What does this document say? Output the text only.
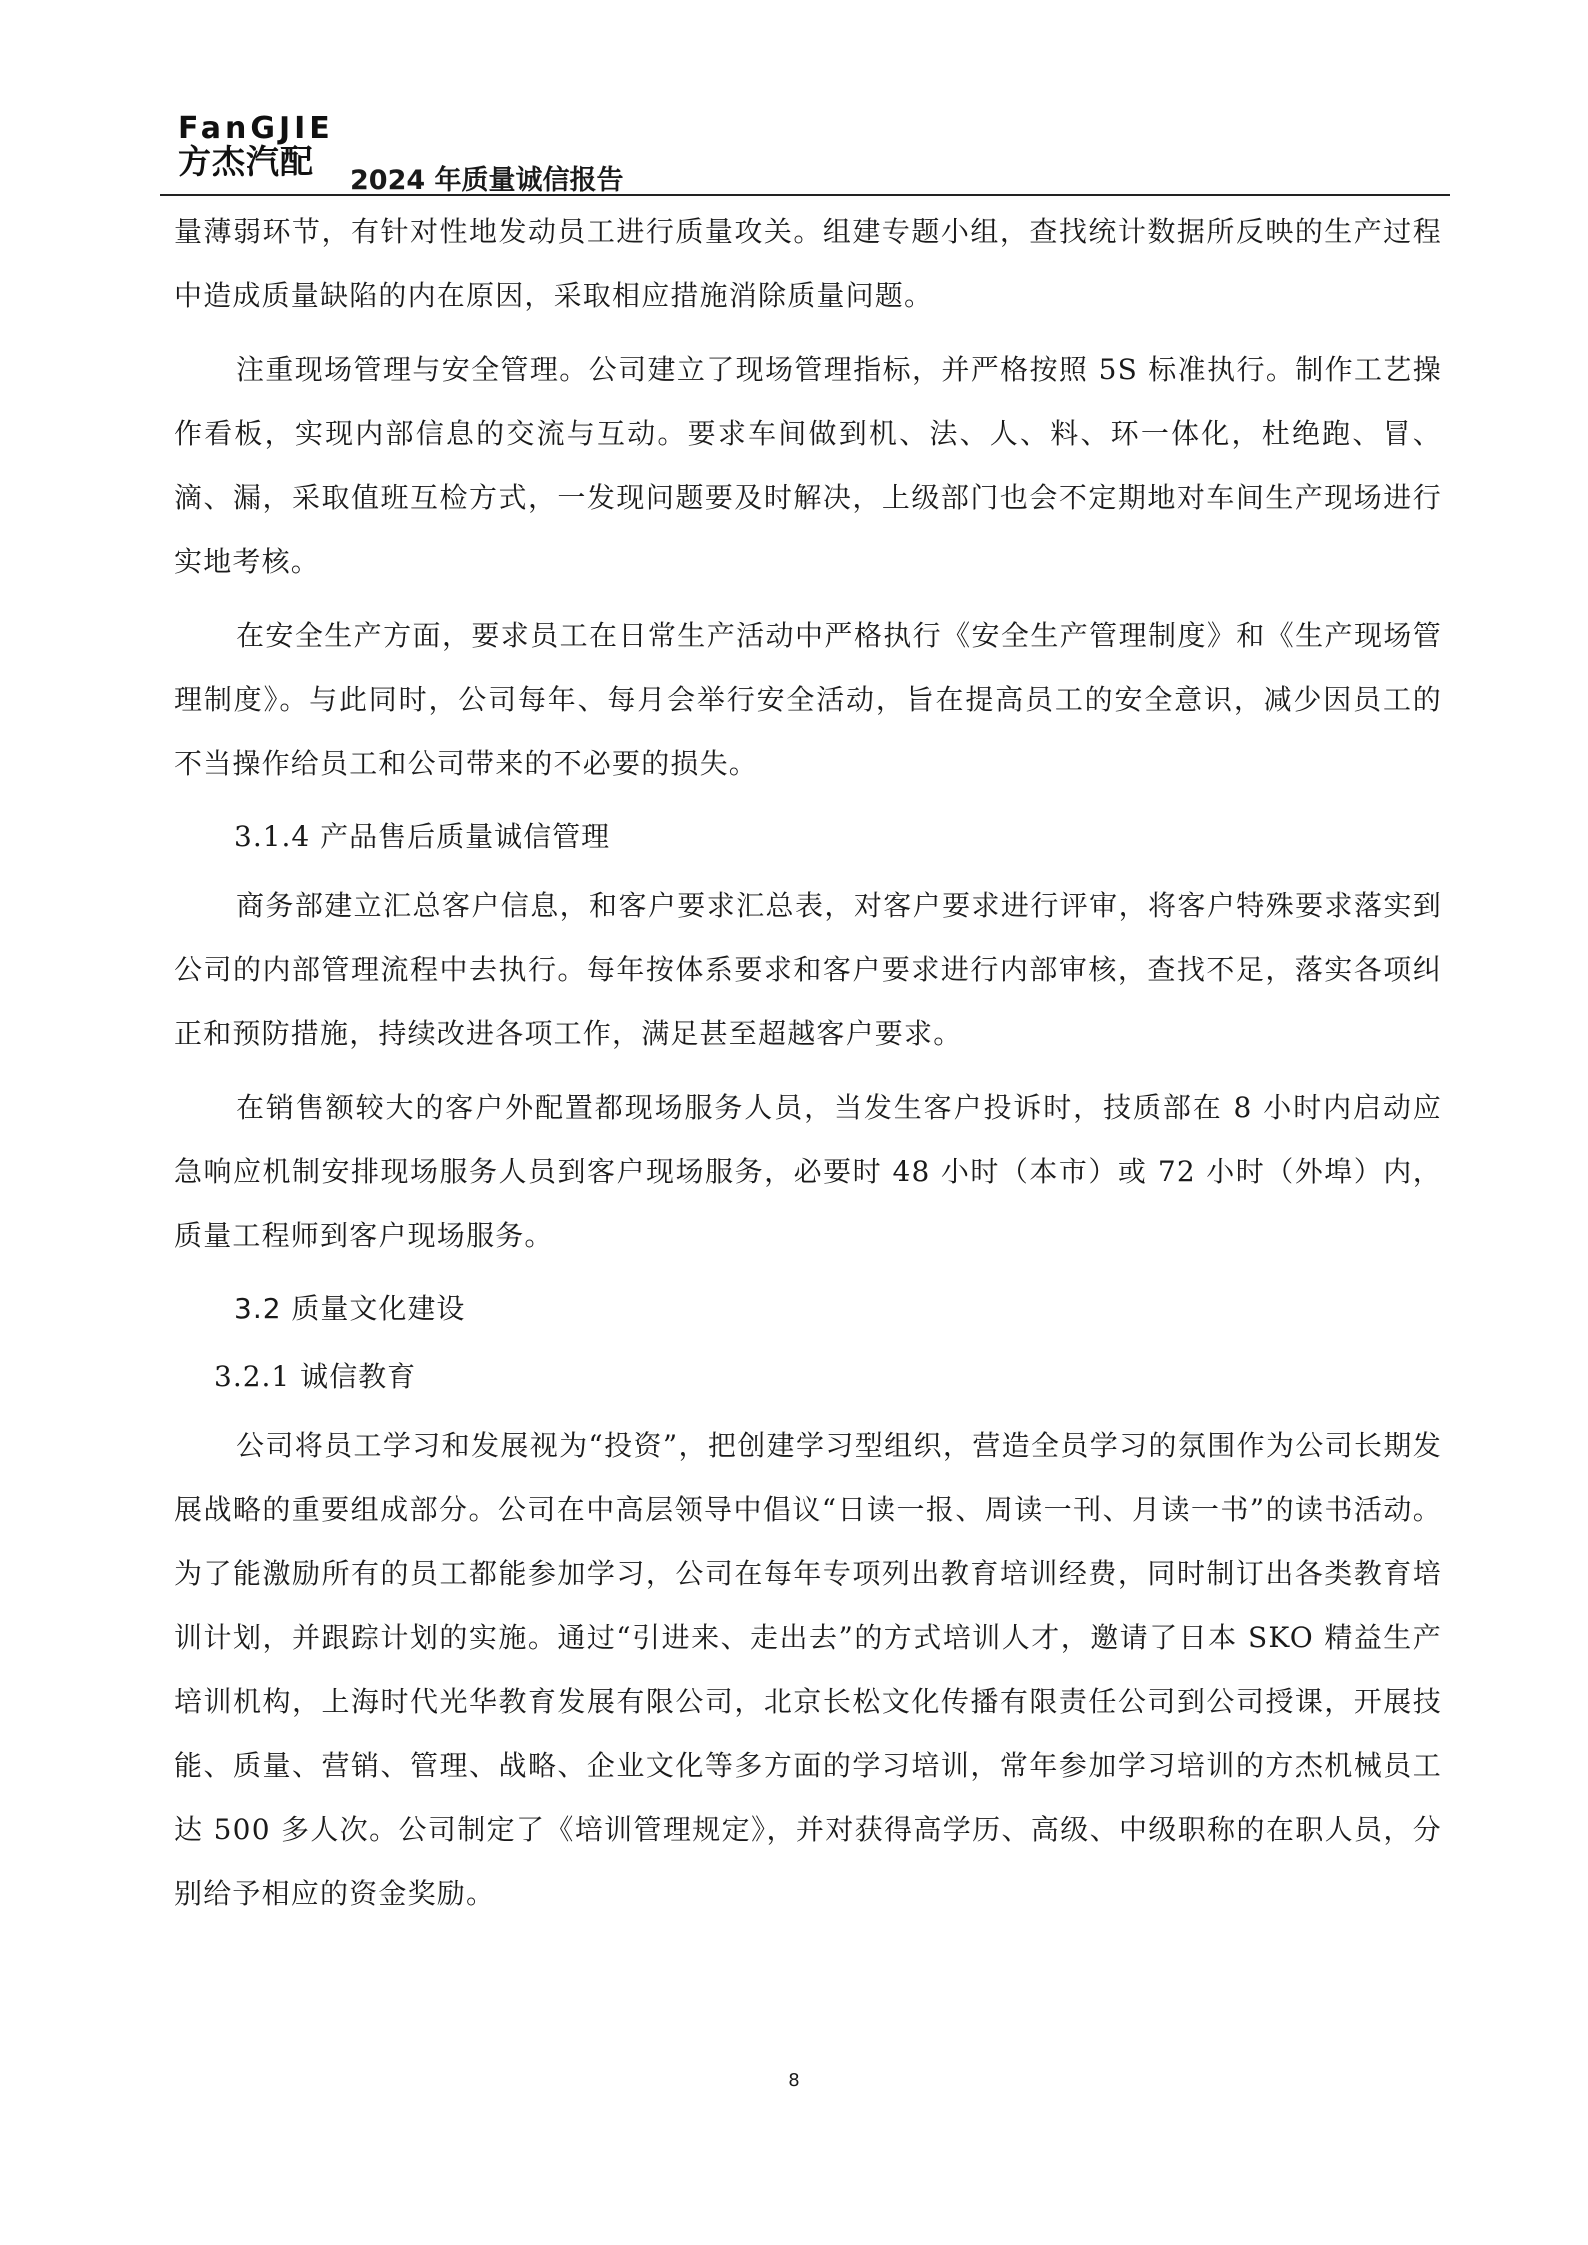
FanGJIE
方杰汽配	2024 年质量诚信报告

量薄弱环节，有针对性地发动员工进行质量攻关。组建专题小组，查找统计数据所反映的生产过程中造成质量缺陷的内在原因，采取相应措施消除质量问题。

注重现场管理与安全管理。公司建立了现场管理指标，并严格按照 5S 标准执行。制作工艺操作看板，实现内部信息的交流与互动。要求车间做到机、法、人、料、环一体化，杜绝跑、冒、滴、漏，采取值班互检方式，一发现问题要及时解决，上级部门也会不定期地对车间生产现场进行实地考核。

在安全生产方面，要求员工在日常生产活动中严格执行《安全生产管理制度》和《生产现场管理制度》。与此同时，公司每年、每月会举行安全活动，旨在提高员工的安全意识，减少因员工的不当操作给员工和公司带来的不必要的损失。

3.1.4 产品售后质量诚信管理

商务部建立汇总客户信息，和客户要求汇总表，对客户要求进行评审，将客户特殊要求落实到公司的内部管理流程中去执行。每年按体系要求和客户要求进行内部审核，查找不足，落实各项纠正和预防措施，持续改进各项工作，满足甚至超越客户要求。

在销售额较大的客户外配置都现场服务人员，当发生客户投诉时，技质部在 8 小时内启动应急响应机制安排现场服务人员到客户现场服务，必要时 48 小时（本市）或 72 小时（外埠）内，质量工程师到客户现场服务。

3.2 质量文化建设
3.2.1 诚信教育

公司将员工学习和发展视为“投资”，把创建学习型组织，营造全员学习的氛围作为公司长期发展战略的重要组成部分。公司在中高层领导中倡议“日读一报、周读一刊、月读一书”的读书活动。为了能激励所有的员工都能参加学习，公司在每年专项列出教育培训经费，同时制订出各类教育培训计划，并跟踪计划的实施。通过“引进来、走出去”的方式培训人才，邀请了日本 SKO 精益生产培训机构，上海时代光华教育发展有限公司，北京长松文化传播有限责任公司到公司授课，开展技能、质量、营销、管理、战略、企业文化等多方面的学习培训，常年参加学习培训的方杰机械员工达 500 多人次。公司制定了《培训管理规定》，并对获得高学历、高级、中级职称的在职人员，分别给予相应的资金奖励。

8
